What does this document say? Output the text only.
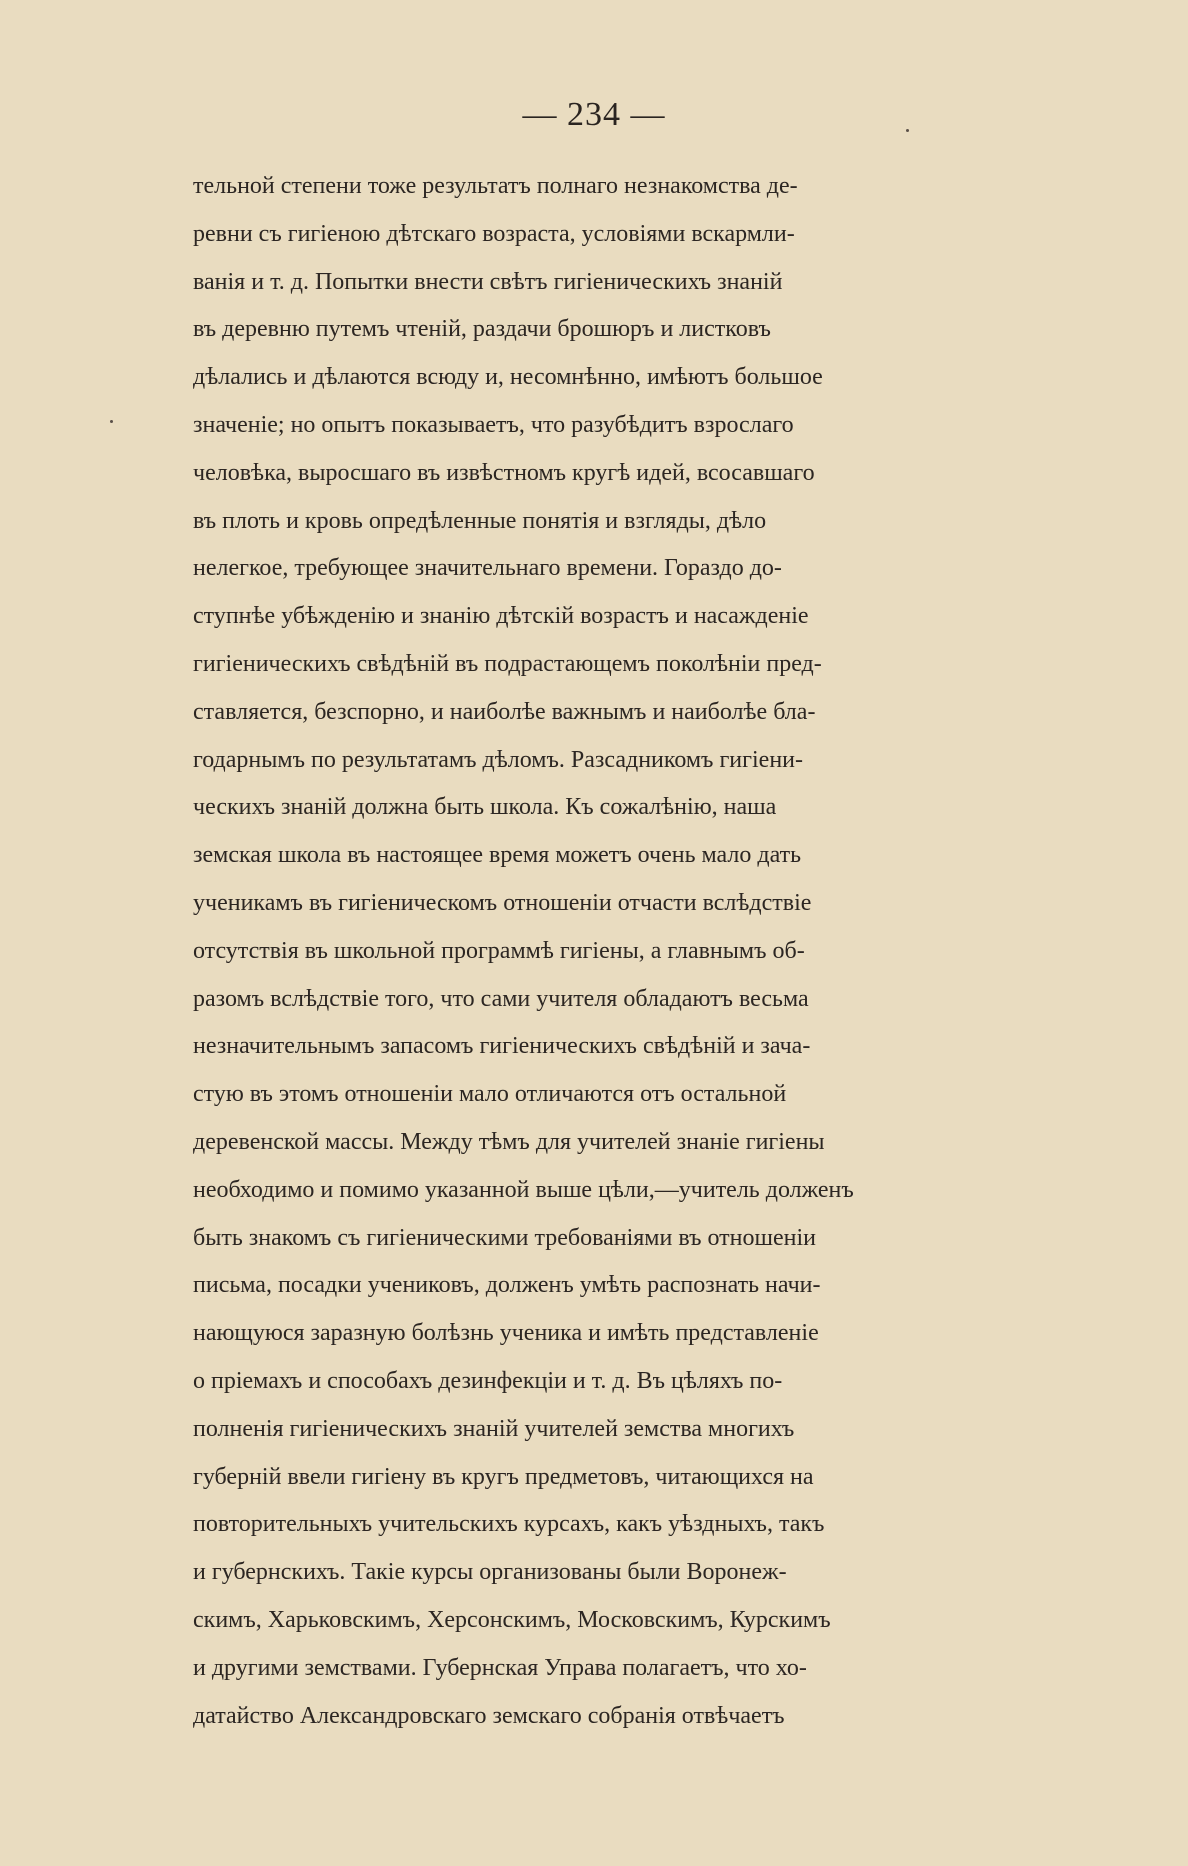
— 234 —
тельной степени тоже результатъ полнаго незнакомства де-
ревни съ гигіеною дѣтскаго возраста, условіями вскармли-
ванія и т. д. Попытки внести свѣтъ гигіеническихъ знаній
въ деревню путемъ чтеній, раздачи брошюръ и листковъ
дѣлались и дѣлаются всюду и, несомнѣнно, имѣютъ большое
значеніе; но опытъ показываетъ, что разубѣдитъ взрослаго
человѣка, выросшаго въ извѣстномъ кругѣ идей, всосавшаго
въ плоть и кровь опредѣленные понятія и взгляды, дѣло
нелегкое, требующее значительнаго времени. Гораздо до-
ступнѣе убѣжденію и знанію дѣтскій возрастъ и насажденіе
гигіеническихъ свѣдѣній въ подрастающемъ поколѣніи пред-
ставляется, безспорно, и наиболѣе важнымъ и наиболѣе бла-
годарнымъ по результатамъ дѣломъ. Разсадникомъ гигіени-
ческихъ знаній должна быть школа. Къ сожалѣнію, наша
земская школа въ настоящее время можетъ очень мало дать
ученикамъ въ гигіеническомъ отношеніи отчасти вслѣдствіе
отсутствія въ школьной программѣ гигіены, а главнымъ об-
разомъ вслѣдствіе того, что сами учителя обладаютъ весьма
незначительнымъ запасомъ гигіеническихъ свѣдѣній и зача-
стую въ этомъ отношеніи мало отличаются отъ остальной
деревенской массы. Между тѣмъ для учителей знаніе гигіены
необходимо и помимо указанной выше цѣли,—учитель долженъ
быть знакомъ съ гигіеническими требованіями въ отношеніи
письма, посадки учениковъ, долженъ умѣть распознать начи-
нающуюся заразную болѣзнь ученика и имѣть представленіе
о пріемахъ и способахъ дезинфекціи и т. д. Въ цѣляхъ по-
полненія гигіеническихъ знаній учителей земства многихъ
губерній ввели гигіену въ кругъ предметовъ, читающихся на
повторительныхъ учительскихъ курсахъ, какъ уѣздныхъ, такъ
и губернскихъ. Такіе курсы организованы были Воронеж-
скимъ, Харьковскимъ, Херсонскимъ, Московскимъ, Курскимъ
и другими земствами. Губернская Управа полагаетъ, что хо-
датайство Александровскаго земскаго собранія отвѣчаетъ
